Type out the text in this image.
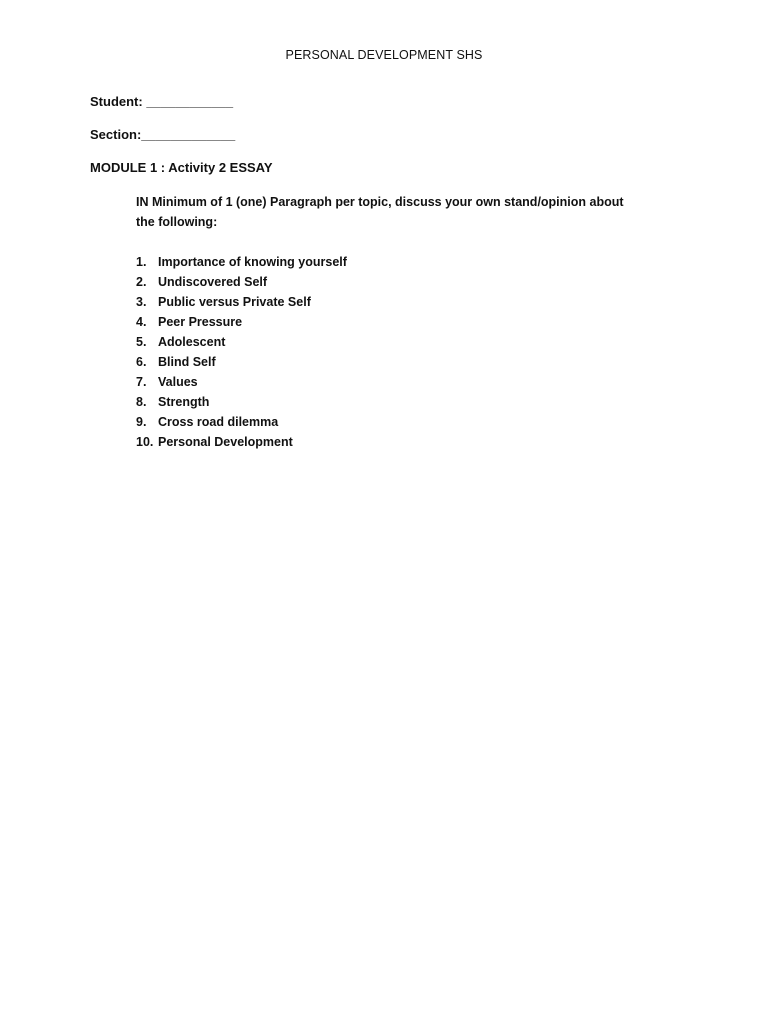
PERSONAL DEVELOPMENT SHS
Student: ____________
Section:_____________
MODULE 1 : Activity 2 ESSAY
IN Minimum of 1 (one) Paragraph per topic, discuss your own stand/opinion about the following:
1. Importance of knowing yourself
2. Undiscovered Self
3. Public versus Private Self
4. Peer Pressure
5. Adolescent
6. Blind Self
7. Values
8. Strength
9. Cross road dilemma
10. Personal Development
